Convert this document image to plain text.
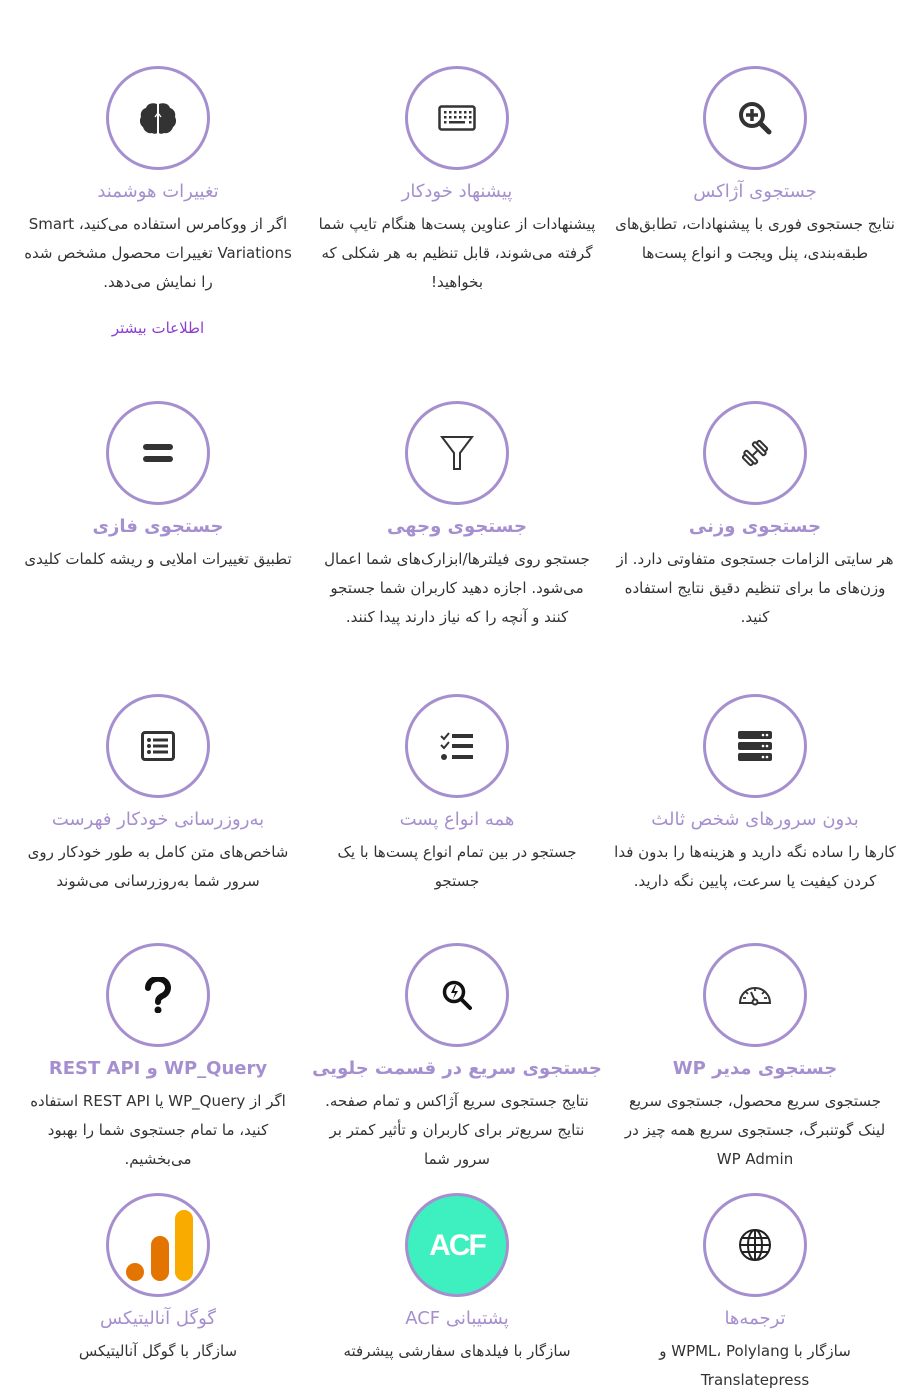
جستجوی آژاکس
نتایج جستجوی فوری با پیشنهادات، تطابق‌های طبقه‌بندی، پنل ویجت و انواع پست‌ها
پیشنهاد خودکار
پیشنهادات از عناوین پست‌ها هنگام تایپ شما گرفته می‌شوند، قابل تنظیم به هر شکلی که بخواهید!
تغییرات هوشمند
اگر از ووکامرس استفاده می‌کنید، Smart Variations تغییرات محصول مشخص شده را نمایش می‌دهد.
اطلاعات بیشتر
جستجوی وزنی
هر سایتی الزامات جستجوی متفاوتی دارد. از وزن‌های ما برای تنظیم دقیق نتایج استفاده کنید.
جستجوی وجهی
جستجو روی فیلترها/ابزارک‌های شما اعمال می‌شود. اجازه دهید کاربران شما جستجو کنند و آنچه را که نیاز دارند پیدا کنند.
جستجوی فازی
تطبیق تغییرات املایی و ریشه کلمات کلیدی
بدون سرورهای شخص ثالث
کارها را ساده نگه دارید و هزینه‌ها را بدون فدا کردن کیفیت یا سرعت، پایین نگه دارید.
همه انواع پست
جستجو در بین تمام انواع پست‌ها با یک جستجو
به‌روزرسانی خودکار فهرست
شاخص‌های متن کامل به طور خودکار روی سرور شما به‌روزرسانی می‌شوند
جستجوی مدیر WP
جستجوی سریع محصول، جستجوی سریع لینک گوتنبرگ، جستجوی سریع همه چیز در WP Admin
جستجوی سریع در قسمت جلویی
نتایج جستجوی سریع آژاکس و تمام صفحه. نتایج سریع‌تر برای کاربران و تأثیر کمتر بر سرور شما
WP_Query و REST API
اگر از WP_Query یا REST API استفاده کنید، ما تمام جستجوی شما را بهبود می‌بخشیم.
ترجمه‌ها
سازگار با WPML، Polylang و Translatepress
ACF
پشتیبانی ACF
سازگار با فیلدهای سفارشی پیشرفته
گوگل آنالیتیکس
سازگار با گوگل آنالیتیکس
